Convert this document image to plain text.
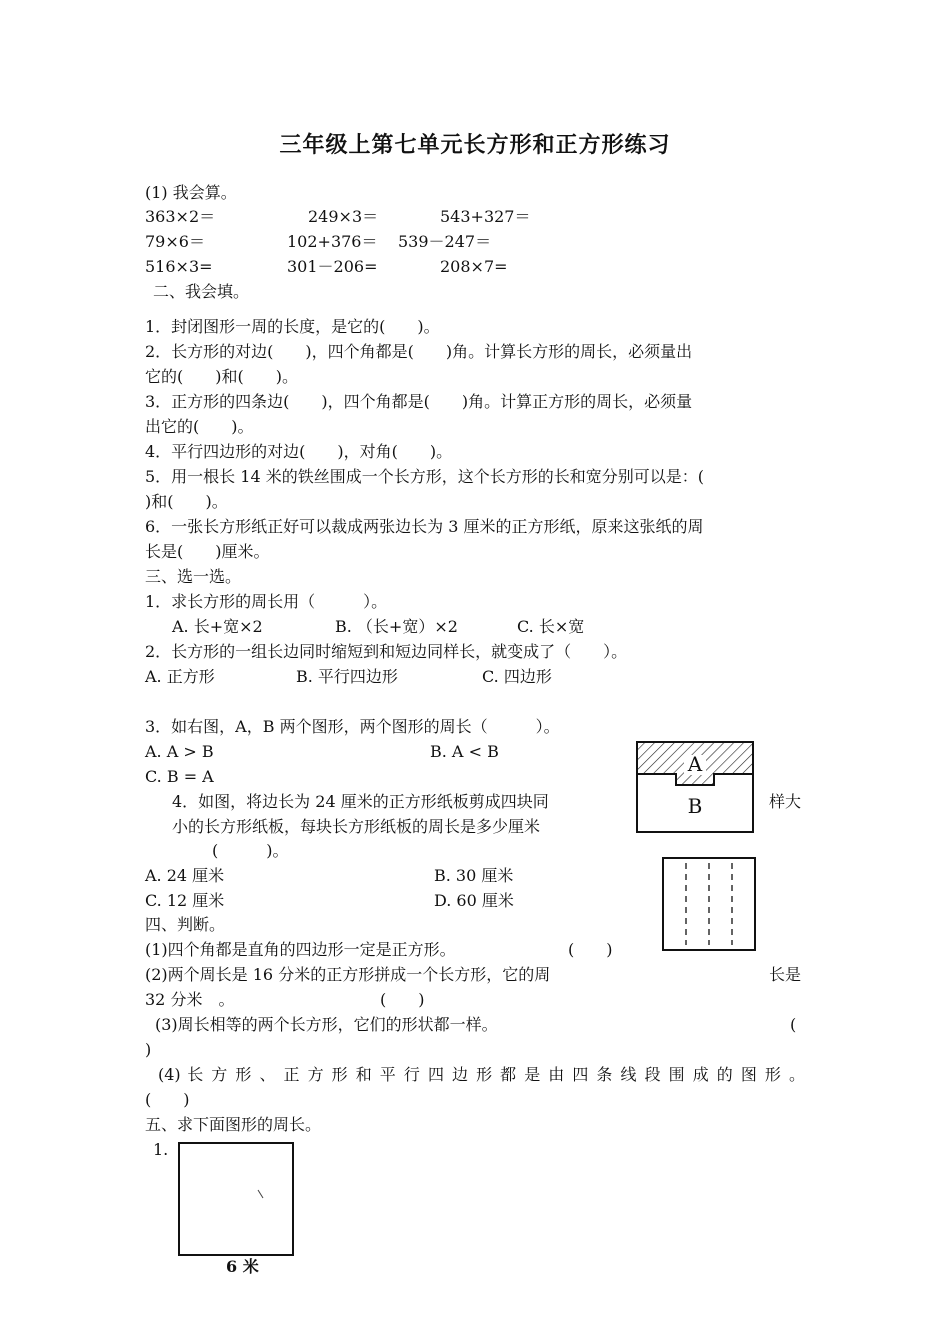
三年级上第七单元长方形和正方形练习
(1) 我会算。
363×2＝	249×3＝	543+327＝
79×6＝	102+376＝ 539－247＝
516×3=	301－206=	208×7=
二、我会填。
1．封闭图形一周的长度，是它的(　　)。
2．长方形的对边(　　)，四个角都是(　　)角。计算长方形的周长，必须量出
它的(　　)和(　　)。
3．正方形的四条边(　　)，四个角都是(　　)角。计算正方形的周长，必须量
出它的(　　)。
4．平行四边形的对边(　　)，对角(　　)。
5．用一根长 14 米的铁丝围成一个长方形，这个长方形的长和宽分别可以是：(
)和(　　)。
6．一张长方形纸正好可以裁成两张边长为 3 厘米的正方形纸，原来这张纸的周
长是(　　)厘米。
三、选一选。
1．求长方形的周长用（　　　）。
A. 长+宽×2	B. （长+宽）×2	C. 长×宽
2．长方形的一组长边同时缩短到和短边同样长，就变成了（　　）。
A. 正方形	B. 平行四边形	C. 四边形
3．如右图，A，B 两个图形，两个图形的周长（　　　）。
A. A > B	B. A < B
C. B = A
4．如图，将边长为 24 厘米的正方形纸板剪成四块同	样大
小的长方形纸板，每块长方形纸板的周长是多少厘米
(　　　)。
A. 24 厘米	B. 30 厘米
C. 12 厘米	D. 60 厘米
A
B
四、判断。
(1)四个角都是直角的四边形一定是正方形。	(　　)
(2)两个周长是 16 分米的正方形拼成一个长方形，它的周	长是
32 分米　。	(　　)
(3)周长相等的两个长方形，它们的形状都一样。	(
)
(4) 长 方 形 、 正 方 形 和 平 行 四 边 形 都 是 由 四 条 线 段 围 成 的 图 形 。
(　　)
五、求下面图形的周长。
1.
6 米
